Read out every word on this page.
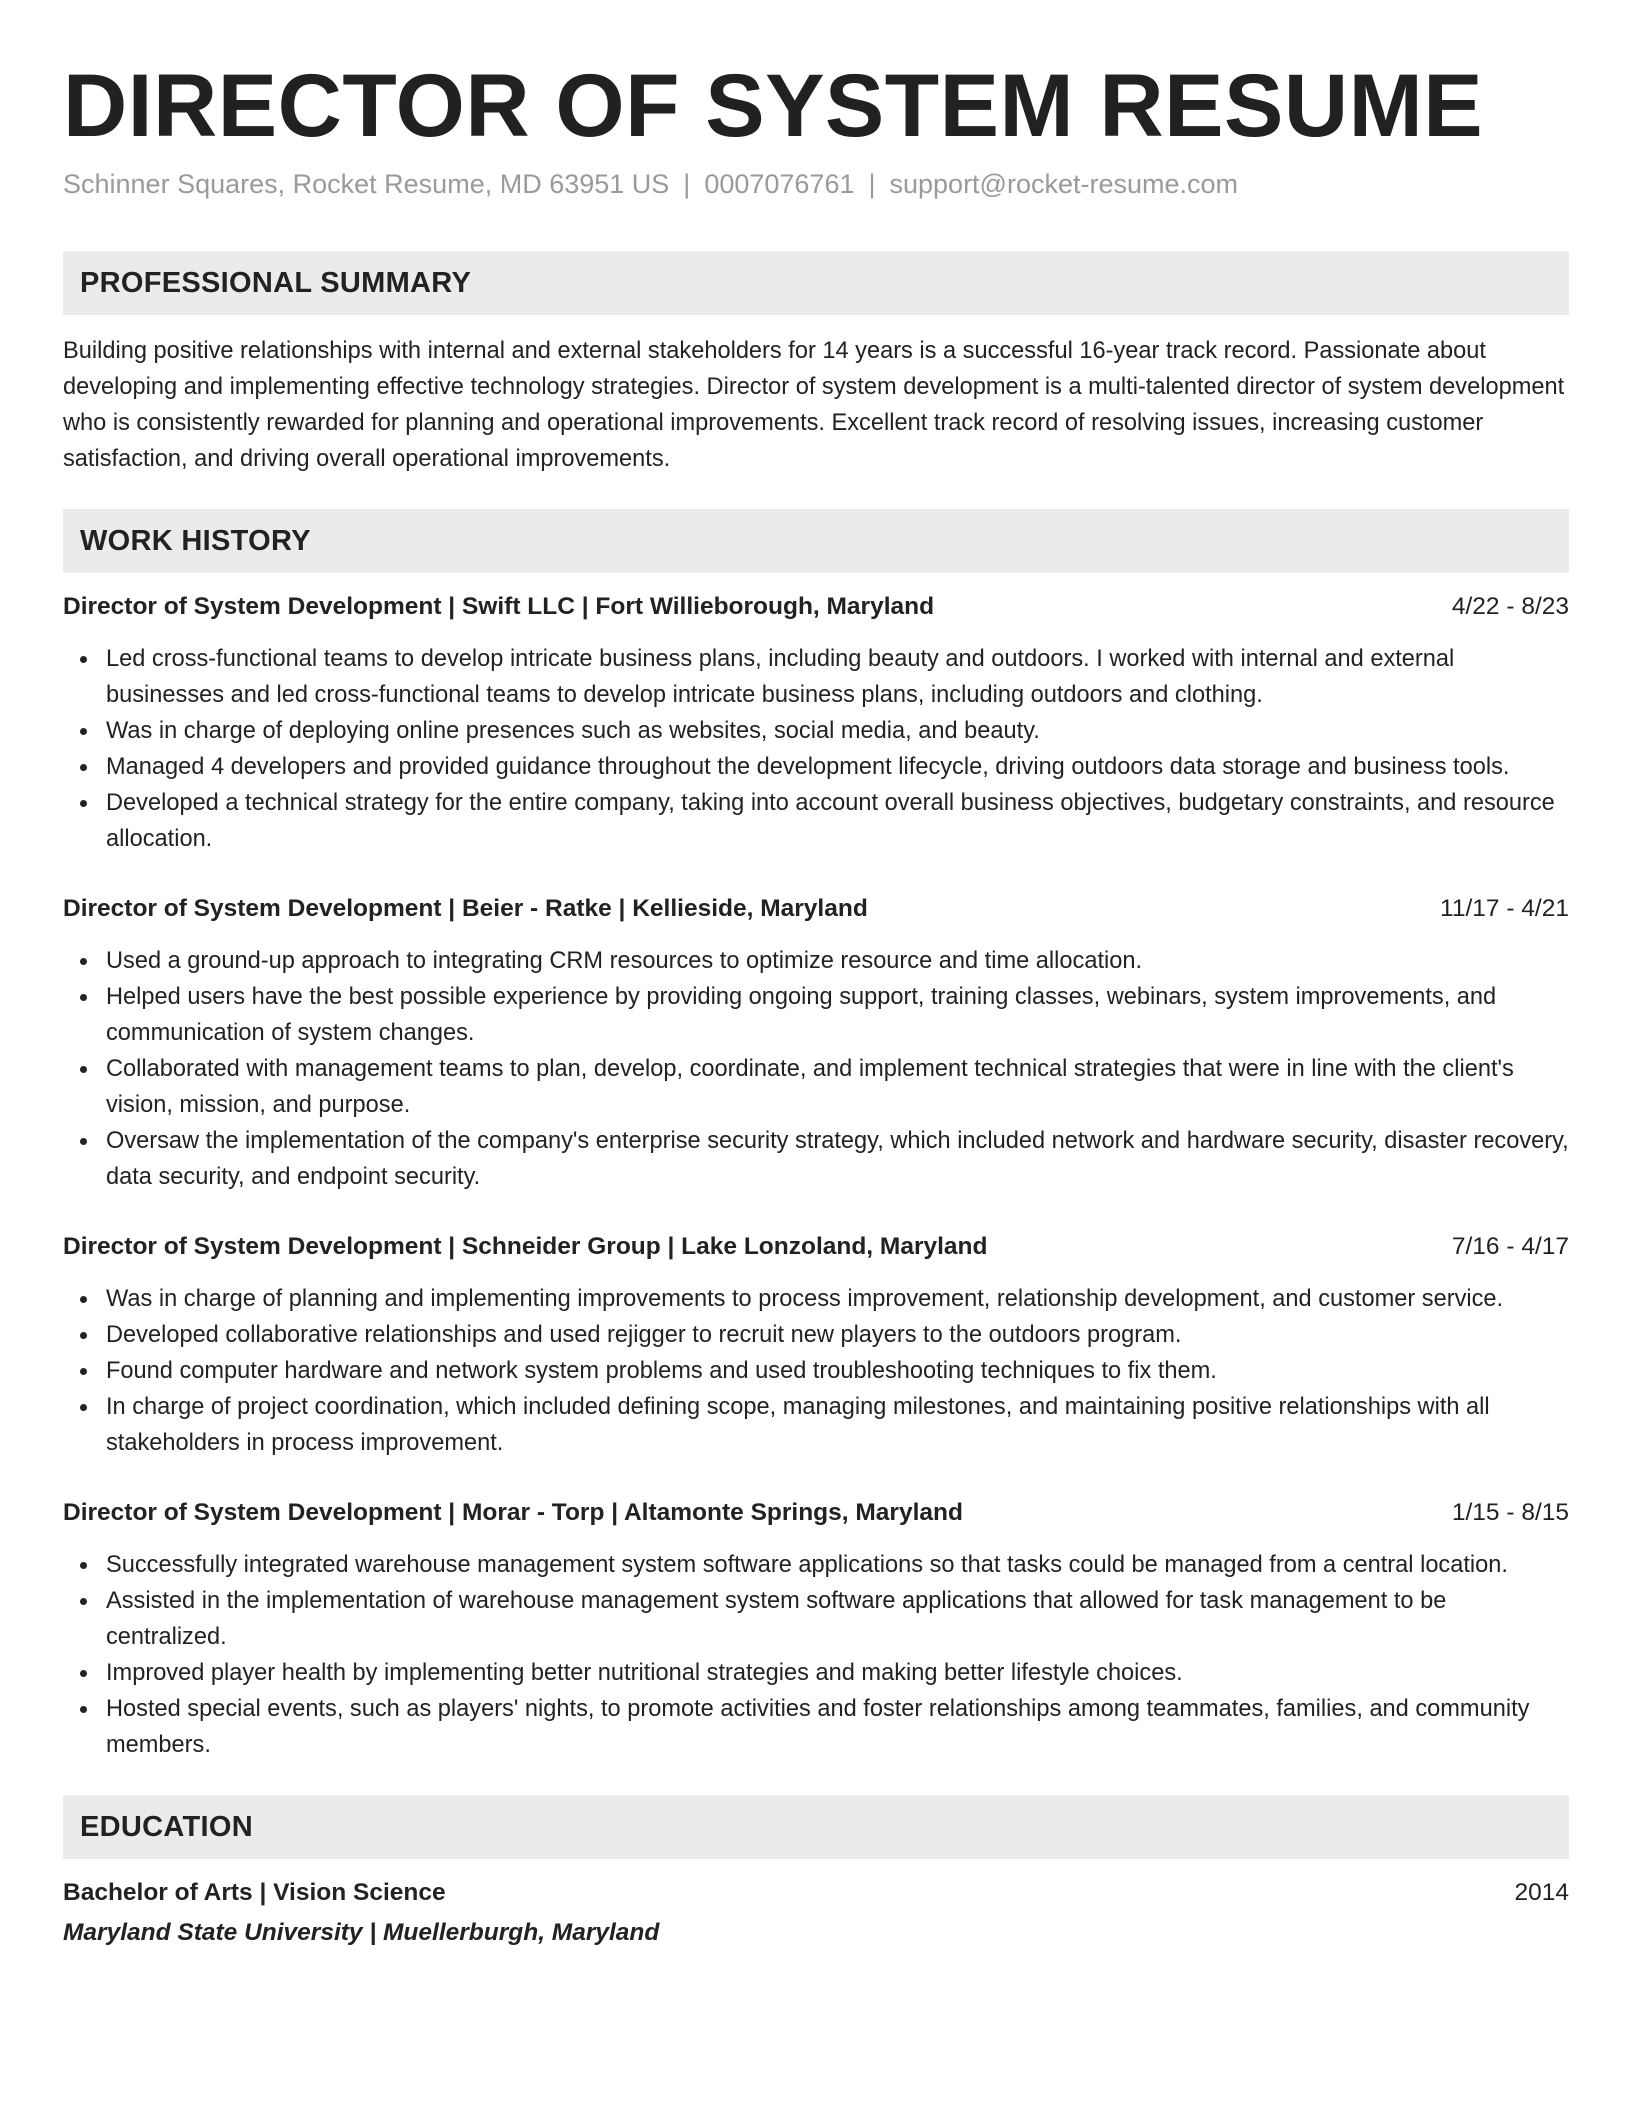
DIRECTOR OF SYSTEM RESUME
Schinner Squares, Rocket Resume, MD 63951 US | 0007076761 | support@rocket-resume.com
PROFESSIONAL SUMMARY
Building positive relationships with internal and external stakeholders for 14 years is a successful 16-year track record. Passionate about developing and implementing effective technology strategies. Director of system development is a multi-talented director of system development who is consistently rewarded for planning and operational improvements. Excellent track record of resolving issues, increasing customer satisfaction, and driving overall operational improvements.
WORK HISTORY
Director of System Development | Swift LLC | Fort Willieborough, Maryland	4/22 - 8/23
Led cross-functional teams to develop intricate business plans, including beauty and outdoors. I worked with internal and external businesses and led cross-functional teams to develop intricate business plans, including outdoors and clothing.
Was in charge of deploying online presences such as websites, social media, and beauty.
Managed 4 developers and provided guidance throughout the development lifecycle, driving outdoors data storage and business tools.
Developed a technical strategy for the entire company, taking into account overall business objectives, budgetary constraints, and resource allocation.
Director of System Development | Beier - Ratke | Kellieside, Maryland	11/17 - 4/21
Used a ground-up approach to integrating CRM resources to optimize resource and time allocation.
Helped users have the best possible experience by providing ongoing support, training classes, webinars, system improvements, and communication of system changes.
Collaborated with management teams to plan, develop, coordinate, and implement technical strategies that were in line with the client's vision, mission, and purpose.
Oversaw the implementation of the company's enterprise security strategy, which included network and hardware security, disaster recovery, data security, and endpoint security.
Director of System Development | Schneider Group | Lake Lonzoland, Maryland	7/16 - 4/17
Was in charge of planning and implementing improvements to process improvement, relationship development, and customer service.
Developed collaborative relationships and used rejigger to recruit new players to the outdoors program.
Found computer hardware and network system problems and used troubleshooting techniques to fix them.
In charge of project coordination, which included defining scope, managing milestones, and maintaining positive relationships with all stakeholders in process improvement.
Director of System Development | Morar - Torp | Altamonte Springs, Maryland	1/15 - 8/15
Successfully integrated warehouse management system software applications so that tasks could be managed from a central location.
Assisted in the implementation of warehouse management system software applications that allowed for task management to be centralized.
Improved player health by implementing better nutritional strategies and making better lifestyle choices.
Hosted special events, such as players' nights, to promote activities and foster relationships among teammates, families, and community members.
EDUCATION
Bachelor of Arts | Vision Science	2014
Maryland State University | Muellerburgh, Maryland
